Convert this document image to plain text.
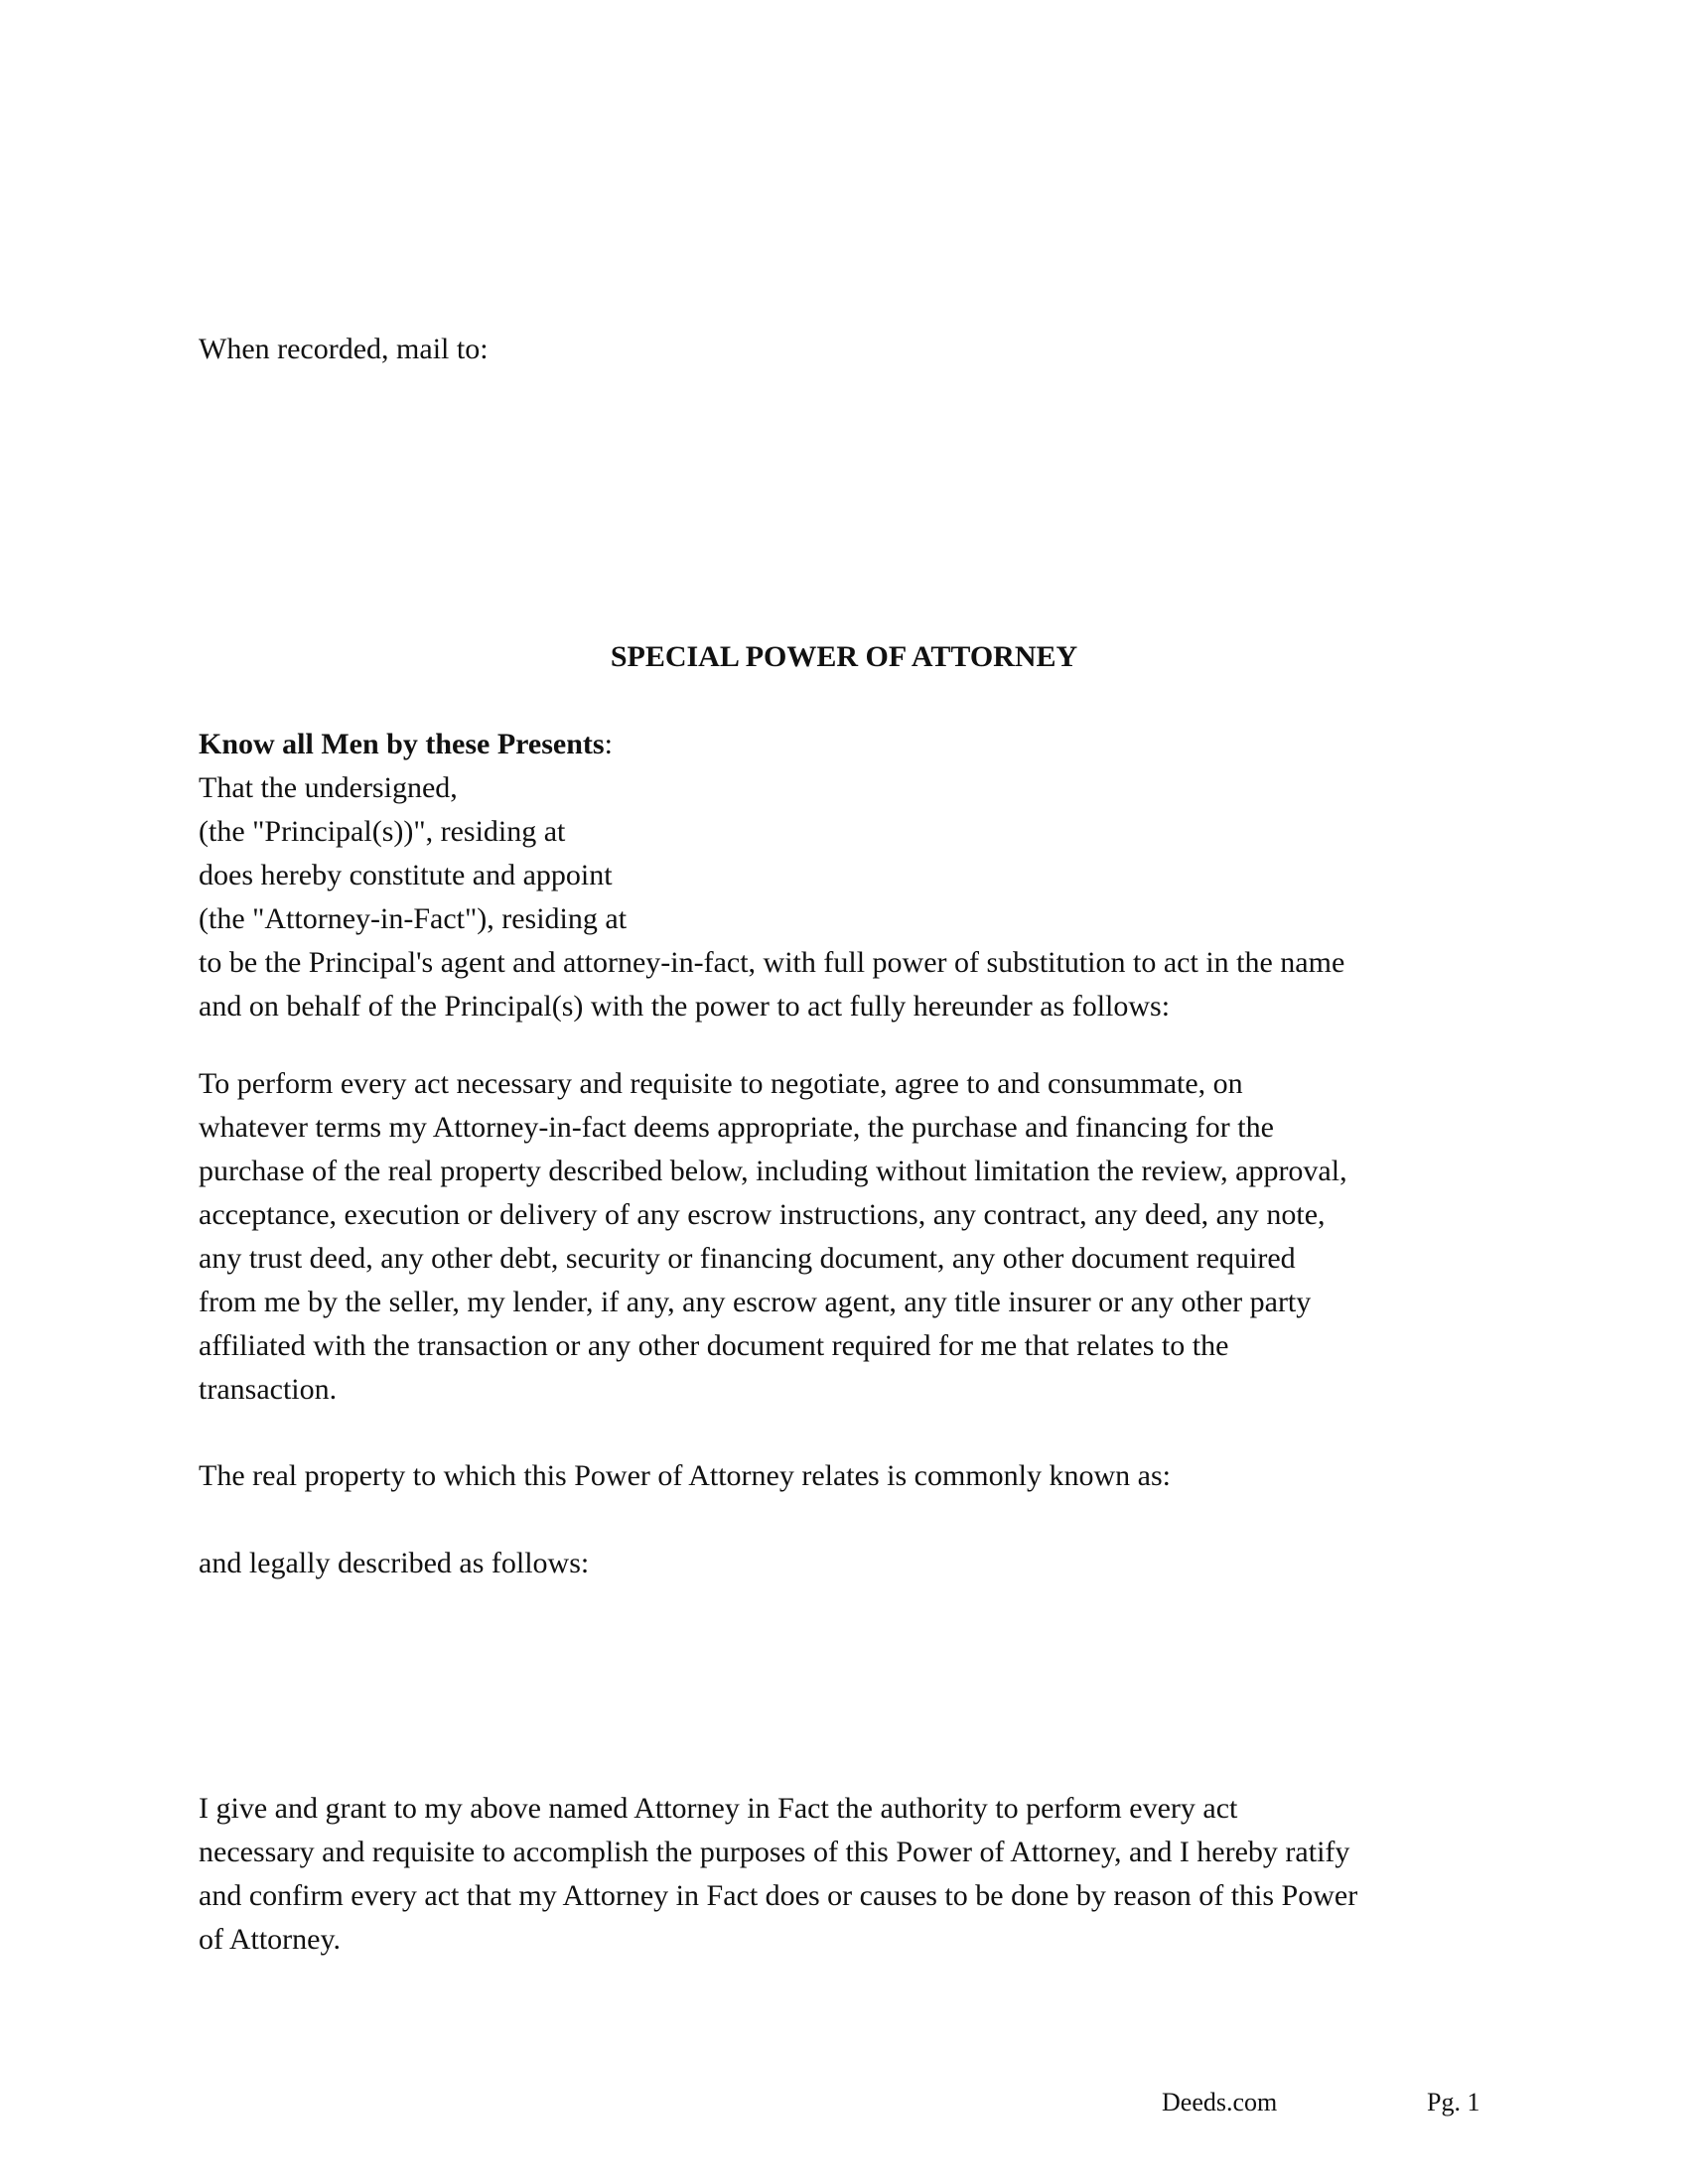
When recorded, mail to:

SPECIAL POWER OF ATTORNEY

Know all Men by these Presents:
That the undersigned,
(the "Principal(s))", residing at
does hereby constitute and appoint
(the "Attorney-in-Fact"), residing at
to be the Principal's agent and attorney-in-fact, with full power of substitution to act in the name
and on behalf of the Principal(s) with the power to act fully hereunder as follows:
To perform every act necessary and requisite to negotiate, agree to and consummate, on
whatever terms my Attorney-in-fact deems appropriate, the purchase and financing for the
purchase of the real property described below, including without limitation the review, approval,
acceptance, execution or delivery of any escrow instructions, any contract, any deed, any note,
any trust deed, any other debt, security or financing document, any other document required
from me by the seller, my lender, if any, any escrow agent, any title insurer or any other party
affiliated with the transaction or any other document required for me that relates to the
transaction.

The real property to which this Power of Attorney relates is commonly known as:

and legally described as follows:

I give and grant to my above named Attorney in Fact the authority to perform every act
necessary and requisite to accomplish the purposes of this Power of Attorney, and I hereby ratify
and confirm every act that my Attorney in Fact does or causes to be done by reason of this Power
of Attorney.
Deeds.com	Pg. 1
